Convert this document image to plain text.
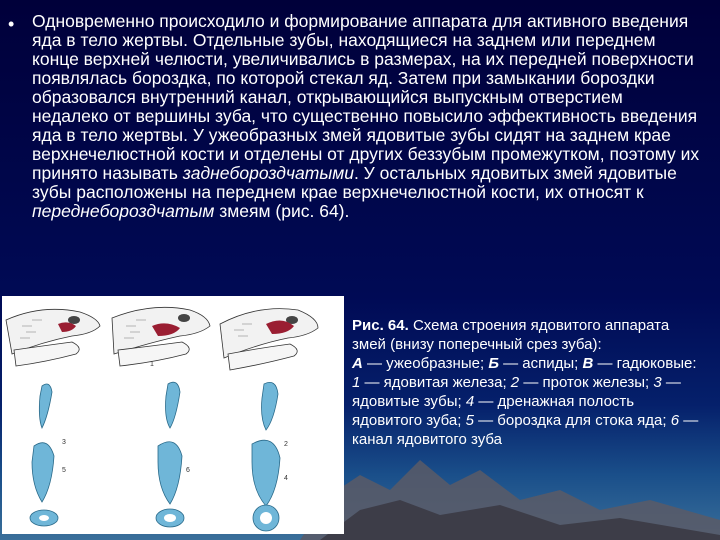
• Одновременно происходило и формирование аппарата для активного введения яда в тело жертвы. Отдельные зубы, находящиеся на заднем или переднем конце верхней челюсти, увеличивались в размерах, на их передней поверхности появлялась бороздка, по которой стекал яд. Затем при замыкании бороздки образовался внутренний канал, открывающийся выпускным отверстием недалеко от вершины зуба, что существенно повысило эффективность введения яда в тело жертвы. У ужеобразных змей ядовитые зубы сидят на заднем крае верхнечелюстной кости и отделены от других беззубым промежутком, поэтому их принято называть заднебороздчатыми. У остальных ядовитых змей ядовитые зубы расположены на переднем крае верхнечелюстной кости, их относят к переднебороздчатым змеям (рис. 64).

1
3
5	6
2
4

Рис. 64. Схема строения ядовитого аппарата змей (внизу поперечный срез зуба):
А — ужеобразные; Б — аспиды; В — гадюковые: 1 — ядовитая железа; 2 — проток железы; 3 — ядовитые зубы; 4 — дренажная полость ядовитого зуба; 5 — бороздка для стока яда; 6 — канал ядовитого зуба
